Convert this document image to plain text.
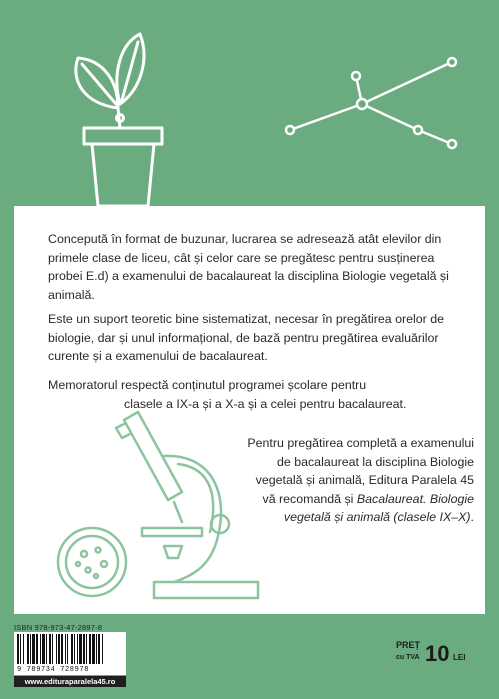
Concepută în format de buzunar, lucrarea se adresează atât elevilor din primele clase de liceu, cât și celor care se pregătesc pentru susținerea probei E.d) a examenului de bacalaureat la disciplina Biologie vegetală și animală.

Este un suport teoretic bine sistematizat, necesar în pregătirea orelor de biologie, dar și unul informațional, de bază pentru pregătirea evaluărilor curente și a examenului de bacalaureat.

Memoratorul respectă conținutul programei școlare pentru
clasele a IX-a și a X-a și a celei pentru bacalaureat.

Pentru pregătirea completă a examenului de bacalaureat la disciplina Biologie vegetală și animală, Editura Paralela 45 vă recomandă și Bacalaureat. Biologie vegetală și animală (clasele IX–X).

ISBN 978-973-47-2897-8
9 789734 728978
www.edituraparalela45.ro
PREȚ
cu TVA 10 LEI
